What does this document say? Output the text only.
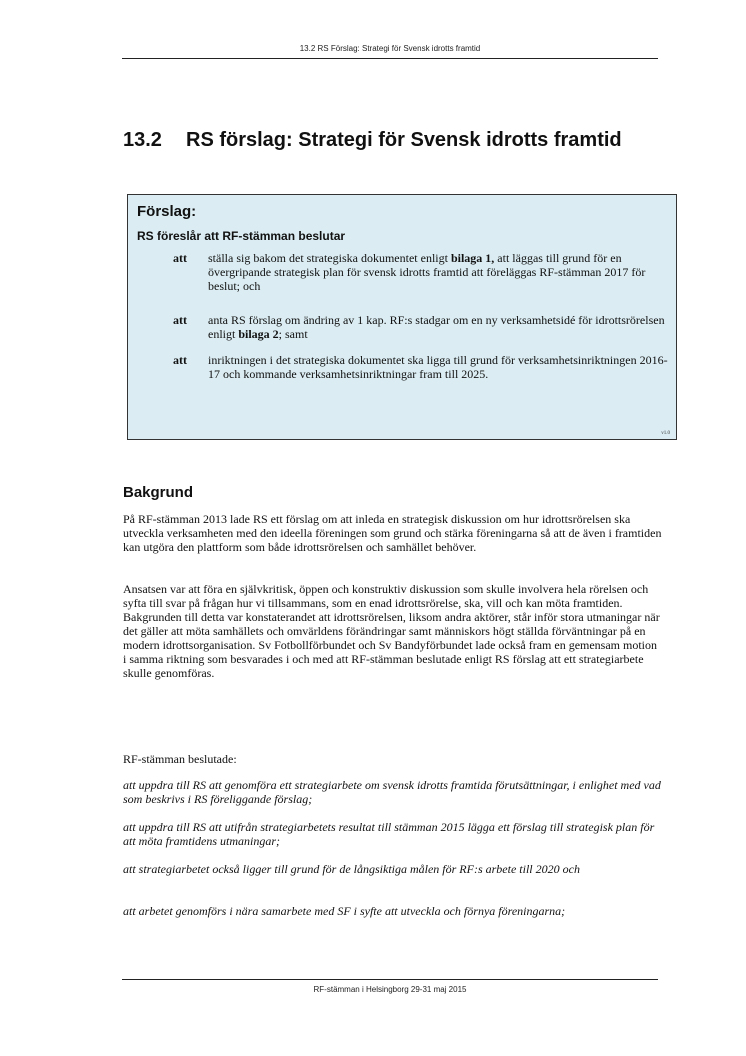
13.2 RS Förslag: Strategi för Svensk idrotts framtid
13.2 RS förslag: Strategi för Svensk idrotts framtid
Förslag:
RS föreslår att RF-stämman beslutar
att ställa sig bakom det strategiska dokumentet enligt bilaga 1, att läggas till grund för en övergripande strategisk plan för svensk idrotts framtid att föreläggas RF-stämman 2017 för beslut; och
att anta RS förslag om ändring av 1 kap. RF:s stadgar om en ny verksamhetsidé för idrottsrörelsen enligt bilaga 2; samt
att inriktningen i det strategiska dokumentet ska ligga till grund för verksamhetsinriktningen 2016-17 och kommande verksamhetsinriktningar fram till 2025.
v1.0
Bakgrund
På RF-stämman 2013 lade RS ett förslag om att inleda en strategisk diskussion om hur idrottsrörelsen ska utveckla verksamheten med den ideella föreningen som grund och stärka föreningarna så att de även i framtiden kan utgöra den plattform som både idrottsrörelsen och samhället behöver.
Ansatsen var att föra en självkritisk, öppen och konstruktiv diskussion som skulle involvera hela rörelsen och syfta till svar på frågan hur vi tillsammans, som en enad idrottsrörelse, ska, vill och kan möta framtiden. Bakgrunden till detta var konstaterandet att idrottsrörelsen, liksom andra aktörer, står inför stora utmaningar när det gäller att möta samhällets och omvärldens förändringar samt människors högt ställda förväntningar på en modern idrottsorganisation. Sv Fotbollförbundet och Sv Bandyförbundet lade också fram en gemensam motion i samma riktning som besvarades i och med att RF-stämman beslutade enligt RS förslag att ett strategiarbete skulle genomföras.
RF-stämman beslutade:
att uppdra till RS att genomföra ett strategiarbete om svensk idrotts framtida förutsättningar, i enlighet med vad som beskrivs i RS föreliggande förslag;
att uppdra till RS att utifrån strategiarbetets resultat till stämman 2015 lägga ett förslag till strategisk plan för att möta framtidens utmaningar;
att strategiarbetet också ligger till grund för de långsiktiga målen för RF:s arbete till 2020 och
att arbetet genomförs i nära samarbete med SF i syfte att utveckla och förnya föreningarna;
RF-stämman i Helsingborg 29-31 maj 2015
